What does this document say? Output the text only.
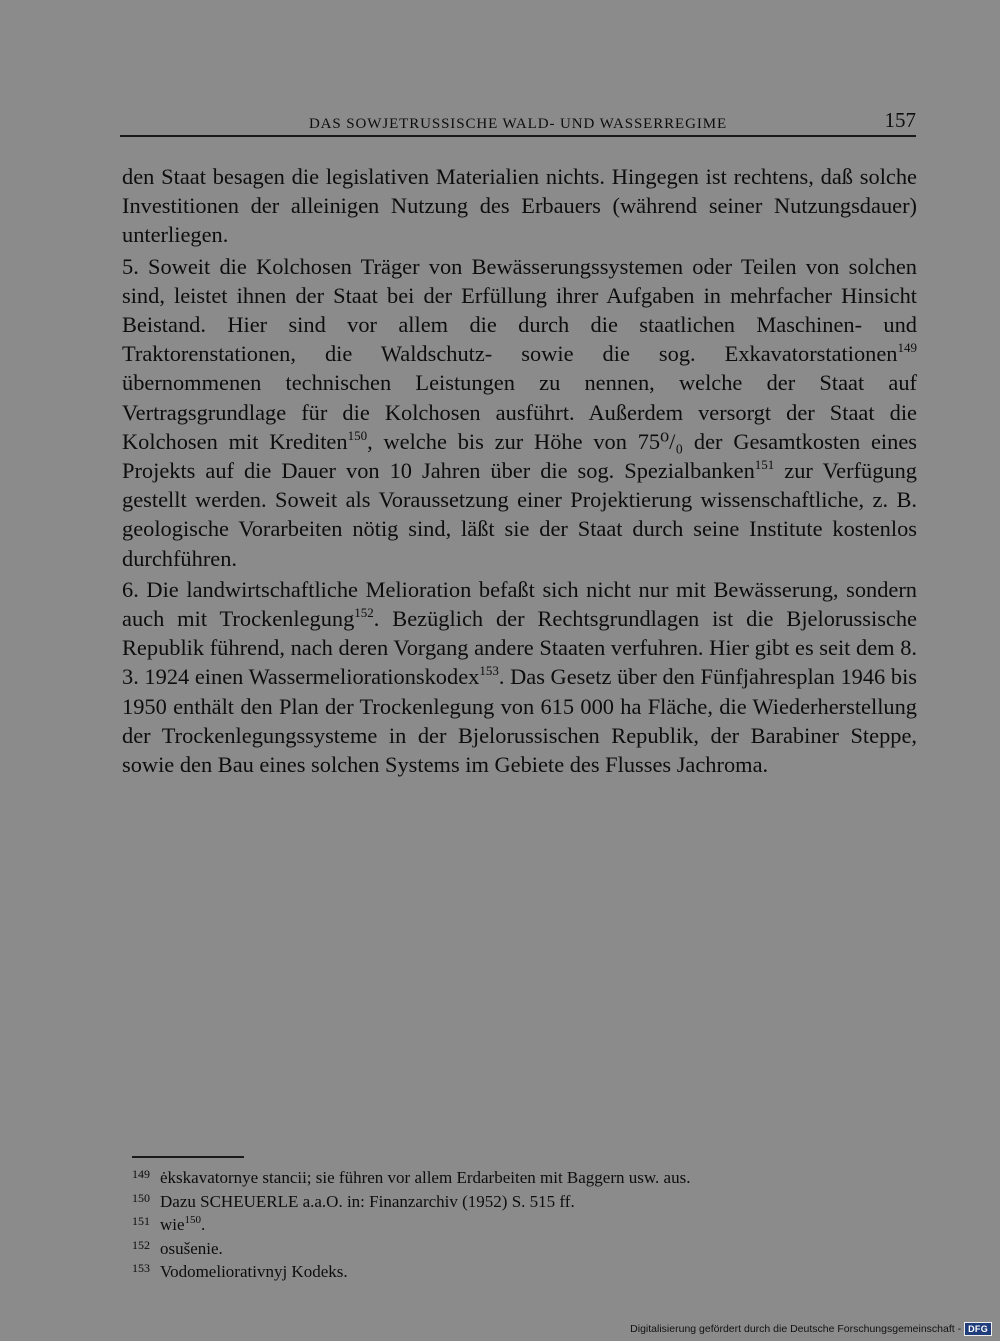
DAS SOWJETRUSSISCHE WALD- UND WASSERREGIME	157

den Staat besagen die legislativen Materialien nichts. Hingegen ist rechtens, daß solche Investitionen der alleinigen Nutzung des Erbauers (während seiner Nutzungsdauer) unterliegen.

5. Soweit die Kolchosen Träger von Bewässerungssystemen oder Teilen von solchen sind, leistet ihnen der Staat bei der Erfüllung ihrer Aufgaben in mehrfacher Hinsicht Beistand. Hier sind vor allem die durch die staatlichen Maschinen- und Traktorenstationen, die Waldschutz- sowie die sog. Exkavatorstationen$^{149}$ übernommenen technischen Leistungen zu nennen, welche der Staat auf Vertragsgrundlage für die Kolchosen ausführt. Außerdem versorgt der Staat die Kolchosen mit Krediten$^{150}$, welche bis zur Höhe von 75⁰/₀ der Gesamtkosten eines Projekts auf die Dauer von 10 Jahren über die sog. Spezialbanken$^{151}$ zur Verfügung gestellt werden. Soweit als Voraussetzung einer Projektierung wissenschaftliche, z. B. geologische Vorarbeiten nötig sind, läßt sie der Staat durch seine Institute kostenlos durchführen.

6. Die landwirtschaftliche Melioration befaßt sich nicht nur mit Bewässerung, sondern auch mit Trockenlegung$^{152}$. Bezüglich der Rechtsgrundlagen ist die Bjelorussische Republik führend, nach deren Vorgang andere Staaten verfuhren. Hier gibt es seit dem 8. 3. 1924 einen Wassermeliorationskodex$^{153}$. Das Gesetz über den Fünfjahresplan 1946 bis 1950 enthält den Plan der Trockenlegung von 615 000 ha Fläche, die Wiederherstellung der Trockenlegungssysteme in der Bjelorussischen Republik, der Barabiner Steppe, sowie den Bau eines solchen Systems im Gebiete des Flusses Jachroma.

149 ėkskavatornye stancii; sie führen vor allem Erdarbeiten mit Baggern usw. aus.
150 Dazu SCHEUERLE a.a.O. in: Finanzarchiv (1952) S. 515 ff.
151 wie$^{150}$.
152 osušenie.
153 Vodomeliorativnyj Kodeks.
Digitalisierung gefördert durch die Deutsche Forschungsgemeinschaft - DFG
